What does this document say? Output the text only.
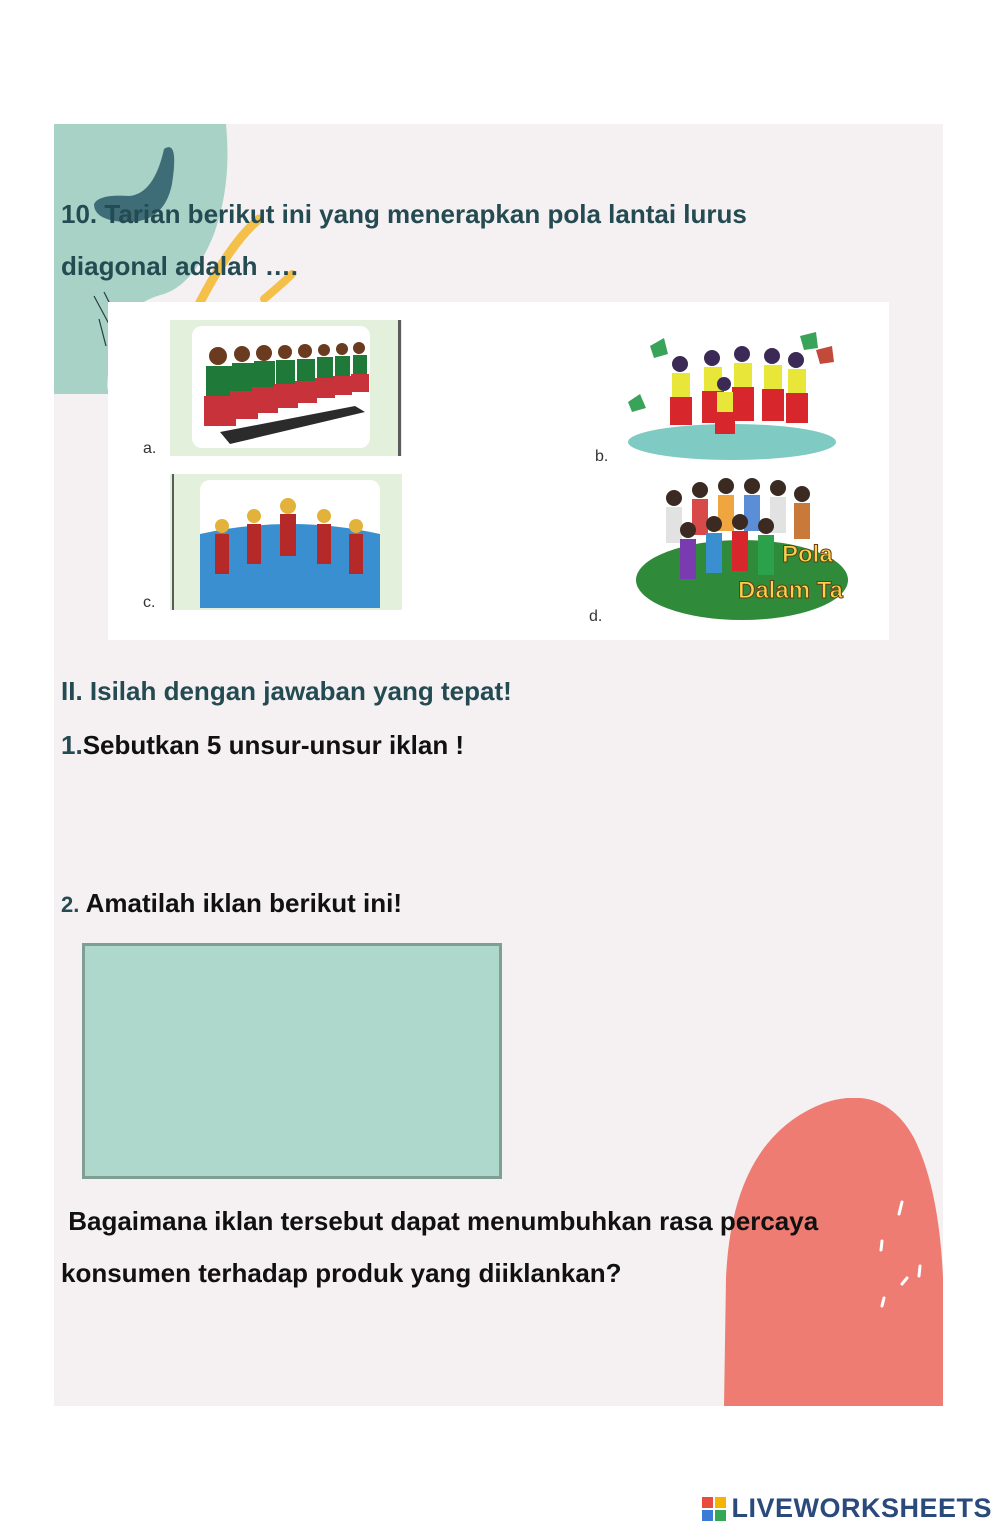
10. Tarian berikut ini yang menerapkan pola lantai lurus
diagonal adalah ….

a.	b.
c.
d.
Pola
Dalam Ta

II. Isilah dengan jawaban yang tepat!

1.Sebutkan 5 unsur-unsur iklan !

2. Amatilah iklan berikut ini!

Bagaimana iklan tersebut dapat menumbuhkan rasa percaya
konsumen terhadap produk yang diiklankan?

LIVEWORKSHEETS
